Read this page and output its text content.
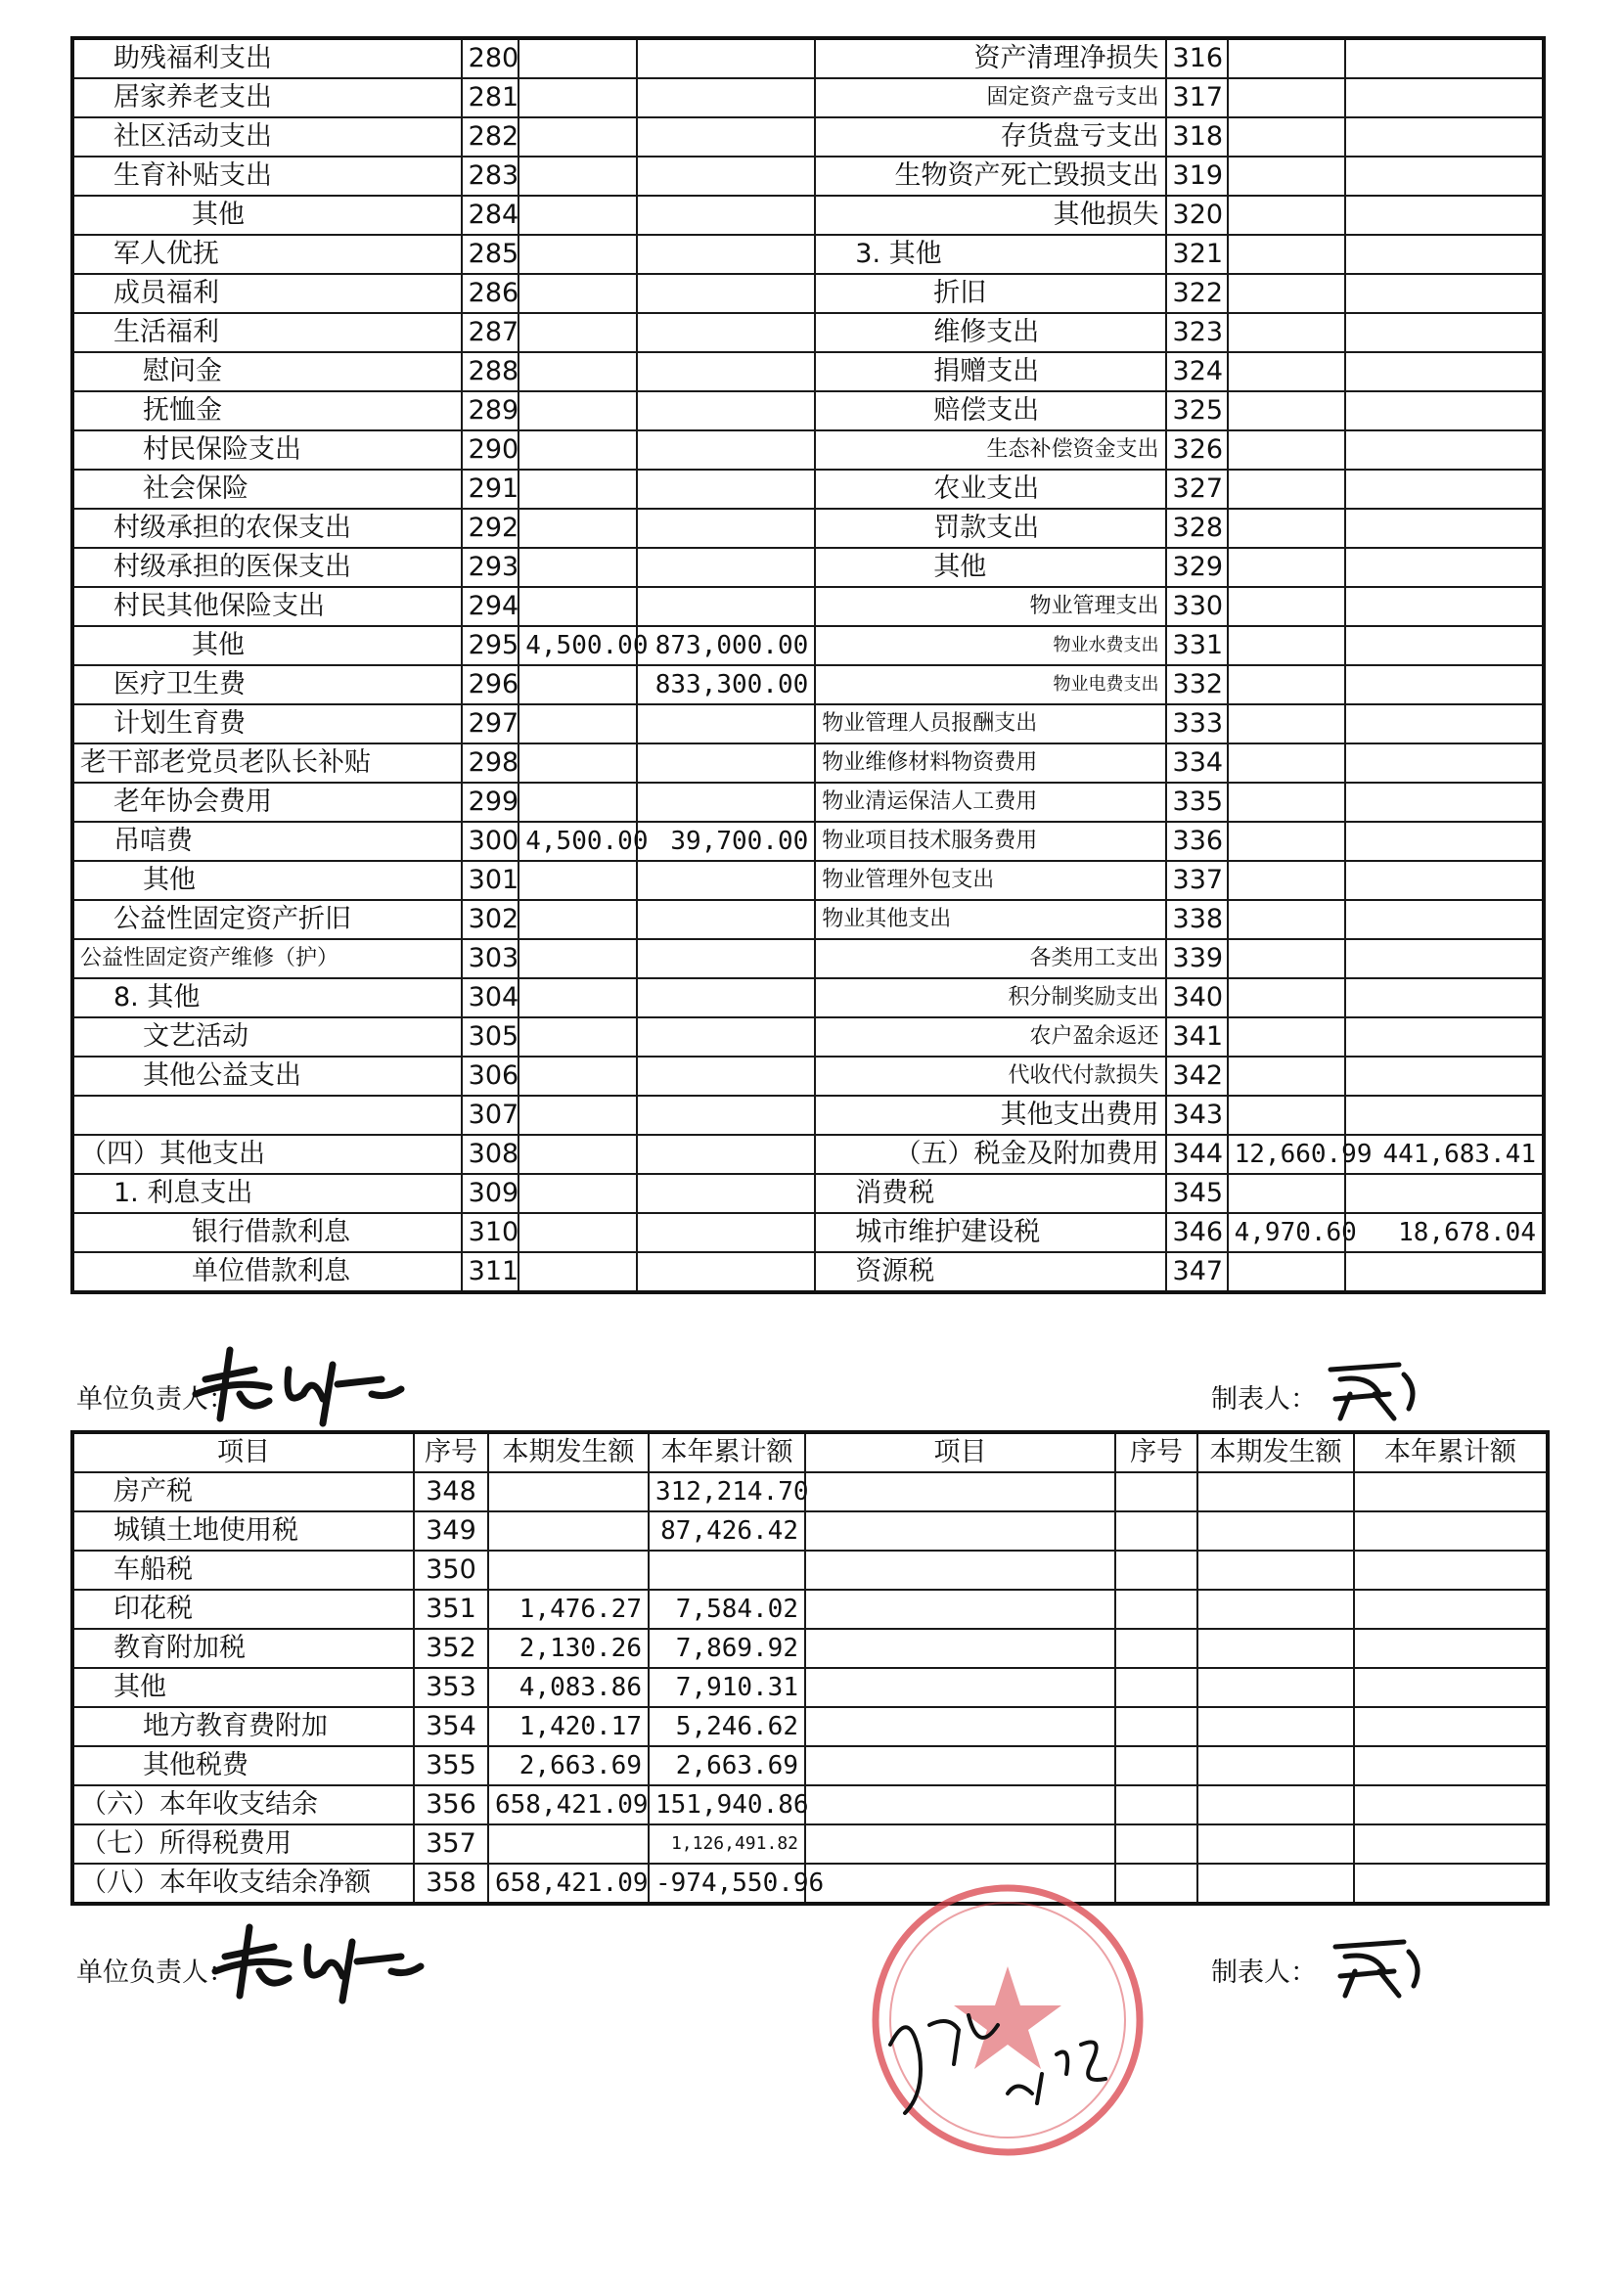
助残福利支出	280			资产清理净损失	316		
居家养老支出	281			固定资产盘亏支出	317		
社区活动支出	282			存货盘亏支出	318		
生育补贴支出	283			生物资产死亡毁损支出	319		
其他	284			其他损失	320		
军人优抚	285			3. 其他	321		
成员福利	286			折旧	322		
生活福利	287			维修支出	323		
慰问金	288			捐赠支出	324		
抚恤金	289			赔偿支出	325		
村民保险支出	290			生态补偿资金支出	326		
社会保险	291			农业支出	327		
村级承担的农保支出	292			罚款支出	328		
村级承担的医保支出	293			其他	329		
村民其他保险支出	294			物业管理支出	330		
其他	295	4,500.00	873,000.00	物业水费支出	331		
医疗卫生费	296		833,300.00	物业电费支出	332		
计划生育费	297			物业管理人员报酬支出	333		
老干部老党员老队长补贴	298			物业维修材料物资费用	334		
老年协会费用	299			物业清运保洁人工费用	335		
吊唁费	300	4,500.00	39,700.00	物业项目技术服务费用	336		
其他	301			物业管理外包支出	337		
公益性固定资产折旧	302			物业其他支出	338		
公益性固定资产维修（护）	303			各类用工支出	339		
8. 其他	304			积分制奖励支出	340		
文艺活动	305			农户盈余返还	341		
其他公益支出	306			代收代付款损失	342		
	307			其他支出费用	343		
（四）其他支出	308			（五）税金及附加费用	344	12,660.99	441,683.41
1. 利息支出	309			消费税	345		
银行借款利息	310			城市维护建设税	346	4,970.60	18,678.04
单位借款利息	311			资源税	347		
单位负责人：	制表人：
项目	序号	本期发生额	本年累计额	项目	序号	本期发生额	本年累计额
房产税	348		312,214.70				
城镇土地使用税	349		87,426.42				
车船税	350						
印花税	351	1,476.27	7,584.02				
教育附加税	352	2,130.26	7,869.92				
其他	353	4,083.86	7,910.31				
地方教育费附加	354	1,420.17	5,246.62				
其他税费	355	2,663.69	2,663.69				
（六）本年收支结余	356	658,421.09	151,940.86				
（七）所得税费用	357		1,126,491.82				
（八）本年收支结余净额	358	658,421.09	-974,550.96				
单位负责人：	制表人：
